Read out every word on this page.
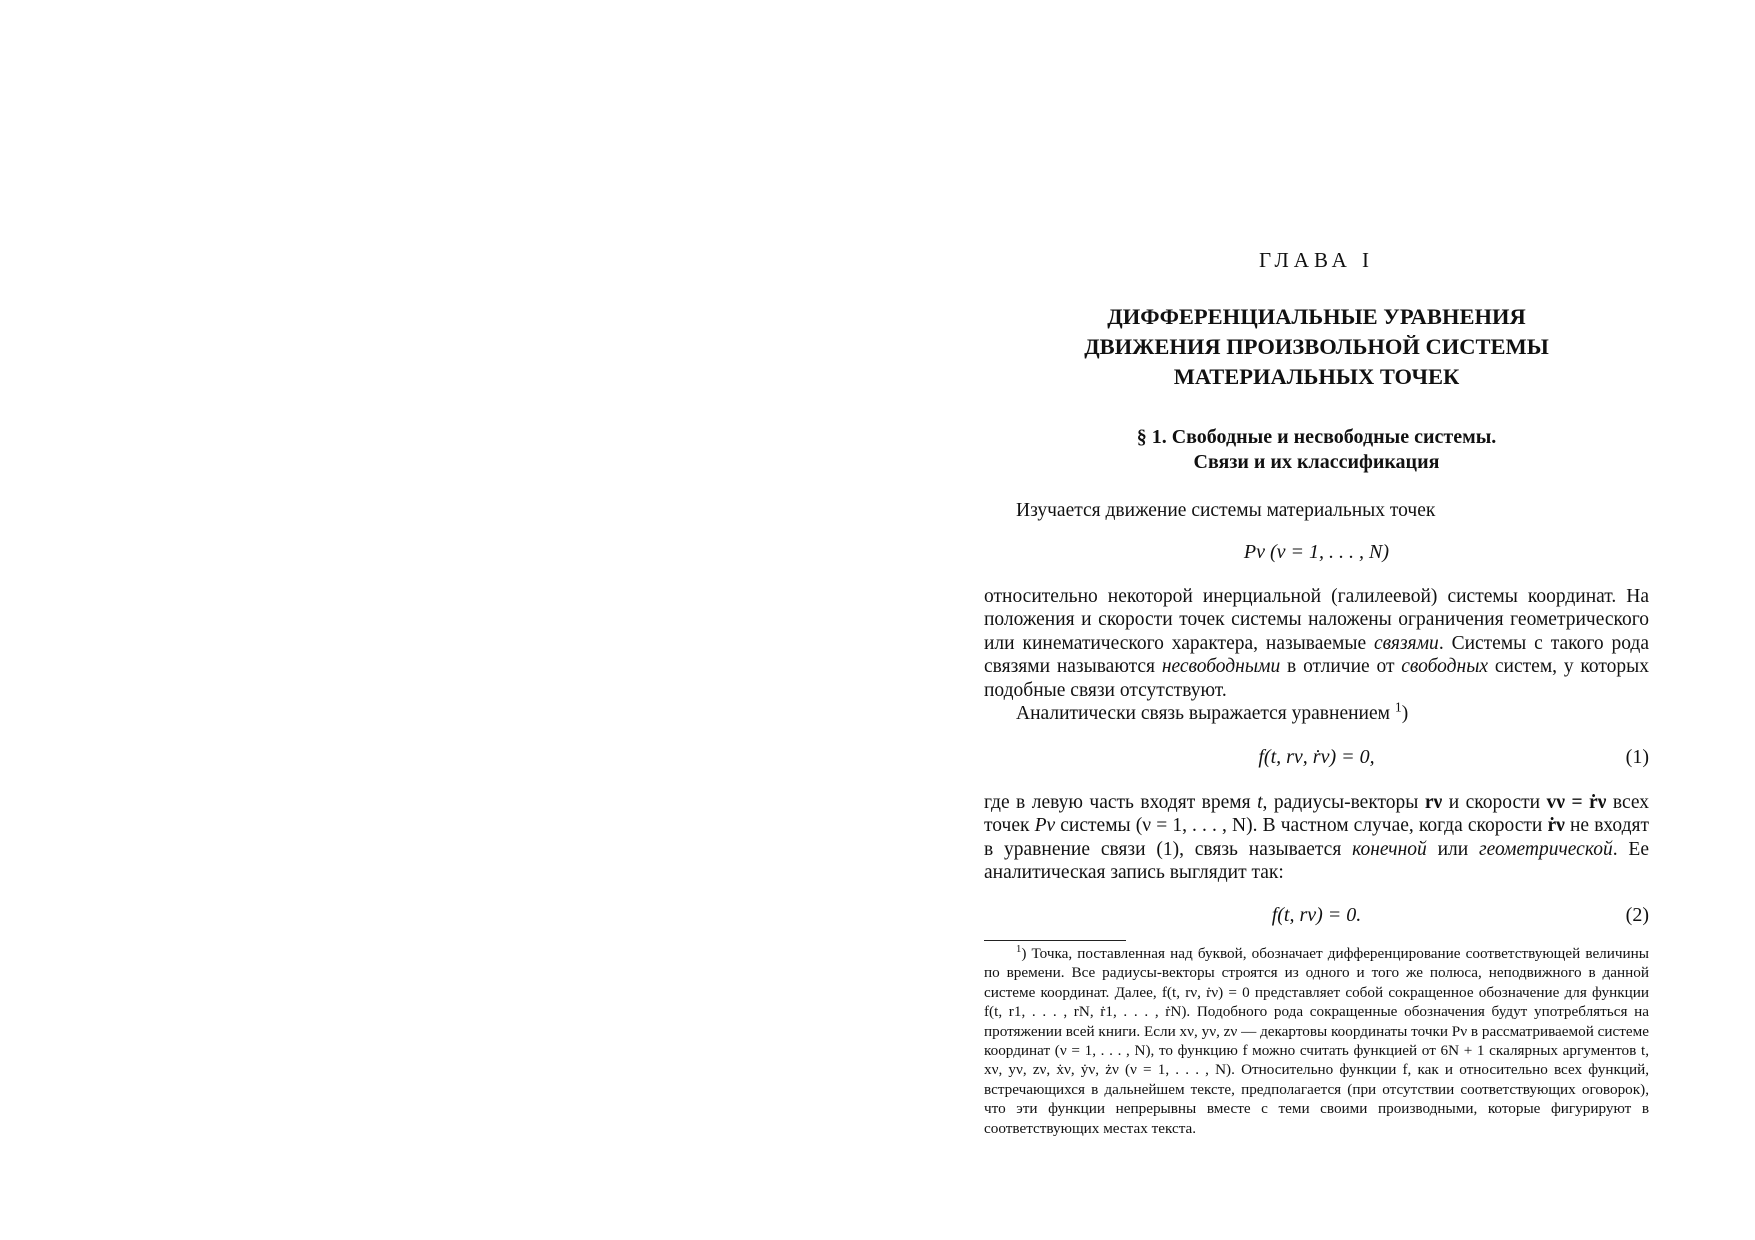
ГЛАВА I
ДИФФЕРЕНЦИАЛЬНЫЕ УРАВНЕНИЯ
ДВИЖЕНИЯ ПРОИЗВОЛЬНОЙ СИСТЕМЫ
МАТЕРИАЛЬНЫХ ТОЧЕК
§ 1. Свободные и несвободные системы.
Связи и их классификация
Изучается движение системы материальных точек
Pν (ν = 1, . . . , N)
относительно некоторой инерциальной (галилеевой) системы координат. На положения и скорости точек системы наложены ограничения геометрического или кинематического характера, называемые связями. Системы с такого рода связями называются несвободными в отличие от свободных систем, у которых подобные связи отсутствуют.
Аналитически связь выражается уравнением $^1$)
f(t, rν, ṙν) = 0,	(1)
где в левую часть входят время t, радиусы-векторы rν и скорости vν = ṙν всех точек Pν системы (ν = 1, . . . , N). В частном случае, когда скорости ṙν не входят в уравнение связи (1), связь называется конечной или геометрической. Ее аналитическая запись выглядит так:
f(t, rν) = 0.	(2)
$^1$) Точка, поставленная над буквой, обозначает дифференцирование соответствующей величины по времени. Все радиусы-векторы строятся из одного и того же полюса, неподвижного в данной системе координат. Далее, f(t, rν, ṙν) = 0 представляет собой сокращенное обозначение для функции f(t, r1, . . . , rN, ṙ1, . . . , ṙN). Подобного рода сокращенные обозначения будут употребляться на протяжении всей книги. Если xν, yν, zν — декартовы координаты точки Pν в рассматриваемой системе координат (ν = 1, . . . , N), то функцию f можно считать функцией от 6N + 1 скалярных аргументов t, xν, yν, zν, ẋν, ẏν, żν (ν = 1, . . . , N). Относительно функции f, как и относительно всех функций, встречающихся в дальнейшем тексте, предполагается (при отсутствии соответствующих оговорок), что эти функции непрерывны вместе с теми своими производными, которые фигурируют в соответствующих местах текста.
